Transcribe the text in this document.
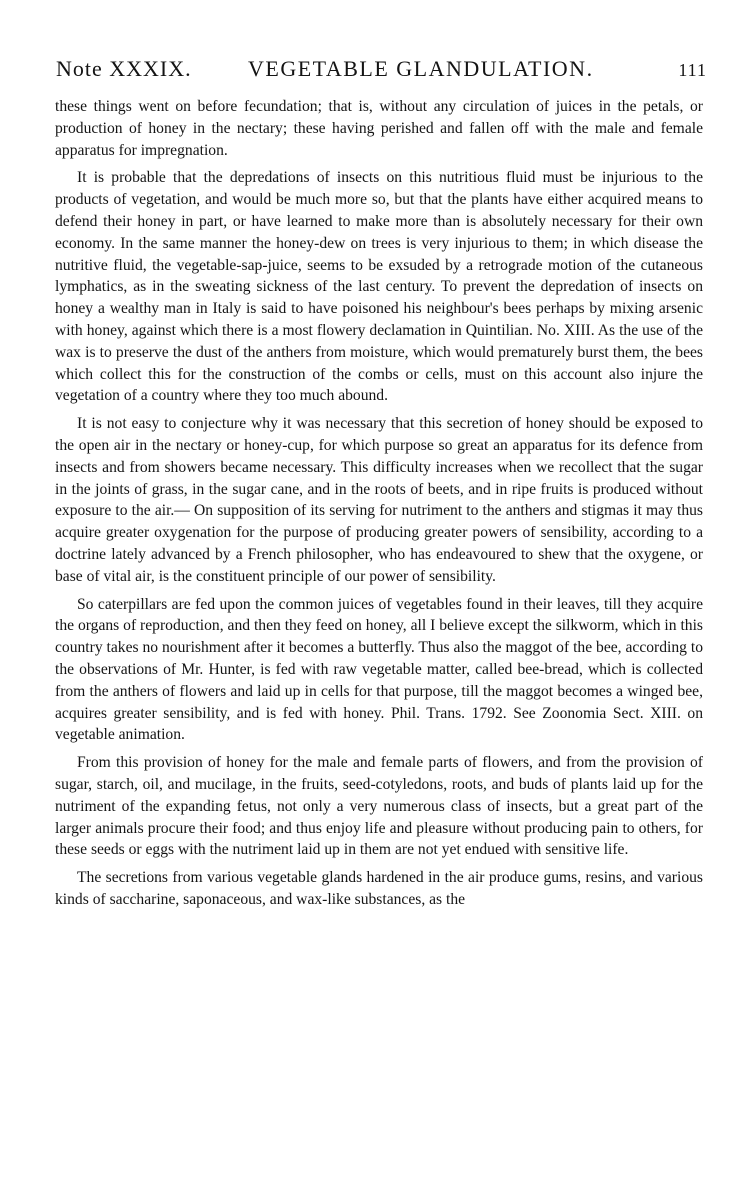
Note XXXIX.	VEGETABLE GLANDULATION.	111

these things went on before fecundation; that is, without any circulation of juices in the petals, or production of honey in the nectary; these having perished and fallen off with the male and female apparatus for impregnation.

It is probable that the depredations of insects on this nutritious fluid must be injurious to the products of vegetation, and would be much more so, but that the plants have either acquired means to defend their honey in part, or have learned to make more than is absolutely necessary for their own economy. In the same manner the honey-dew on trees is very injurious to them; in which disease the nutritive fluid, the vegetable-sap-juice, seems to be exsuded by a retrograde motion of the cutaneous lymphatics, as in the sweating sickness of the last century. To prevent the depredation of insects on honey a wealthy man in Italy is said to have poisoned his neighbour's bees perhaps by mixing arsenic with honey, against which there is a most flowery declamation in Quintilian. No. XIII. As the use of the wax is to preserve the dust of the anthers from moisture, which would prematurely burst them, the bees which collect this for the construction of the combs or cells, must on this account also injure the vegetation of a country where they too much abound.

It is not easy to conjecture why it was necessary that this secretion of honey should be exposed to the open air in the nectary or honey-cup, for which purpose so great an apparatus for its defence from insects and from showers became necessary. This difficulty increases when we recollect that the sugar in the joints of grass, in the sugar cane, and in the roots of beets, and in ripe fruits is produced without exposure to the air.— On supposition of its serving for nutriment to the anthers and stigmas it may thus acquire greater oxygenation for the purpose of producing greater powers of sensibility, according to a doctrine lately advanced by a French philosopher, who has endeavoured to shew that the oxygene, or base of vital air, is the constituent principle of our power of sensibility.

So caterpillars are fed upon the common juices of vegetables found in their leaves, till they acquire the organs of reproduction, and then they feed on honey, all I believe except the silkworm, which in this country takes no nourishment after it becomes a butterfly. Thus also the maggot of the bee, according to the observations of Mr. Hunter, is fed with raw vegetable matter, called bee-bread, which is collected from the anthers of flowers and laid up in cells for that purpose, till the maggot becomes a winged bee, acquires greater sensibility, and is fed with honey. Phil. Trans. 1792. See Zoonomia Sect. XIII. on vegetable animation.

From this provision of honey for the male and female parts of flowers, and from the provision of sugar, starch, oil, and mucilage, in the fruits, seed-cotyledons, roots, and buds of plants laid up for the nutriment of the expanding fetus, not only a very numerous class of insects, but a great part of the larger animals procure their food; and thus enjoy life and pleasure without producing pain to others, for these seeds or eggs with the nutriment laid up in them are not yet endued with sensitive life.

The secretions from various vegetable glands hardened in the air produce gums, resins, and various kinds of saccharine, saponaceous, and wax-like substances, as the
